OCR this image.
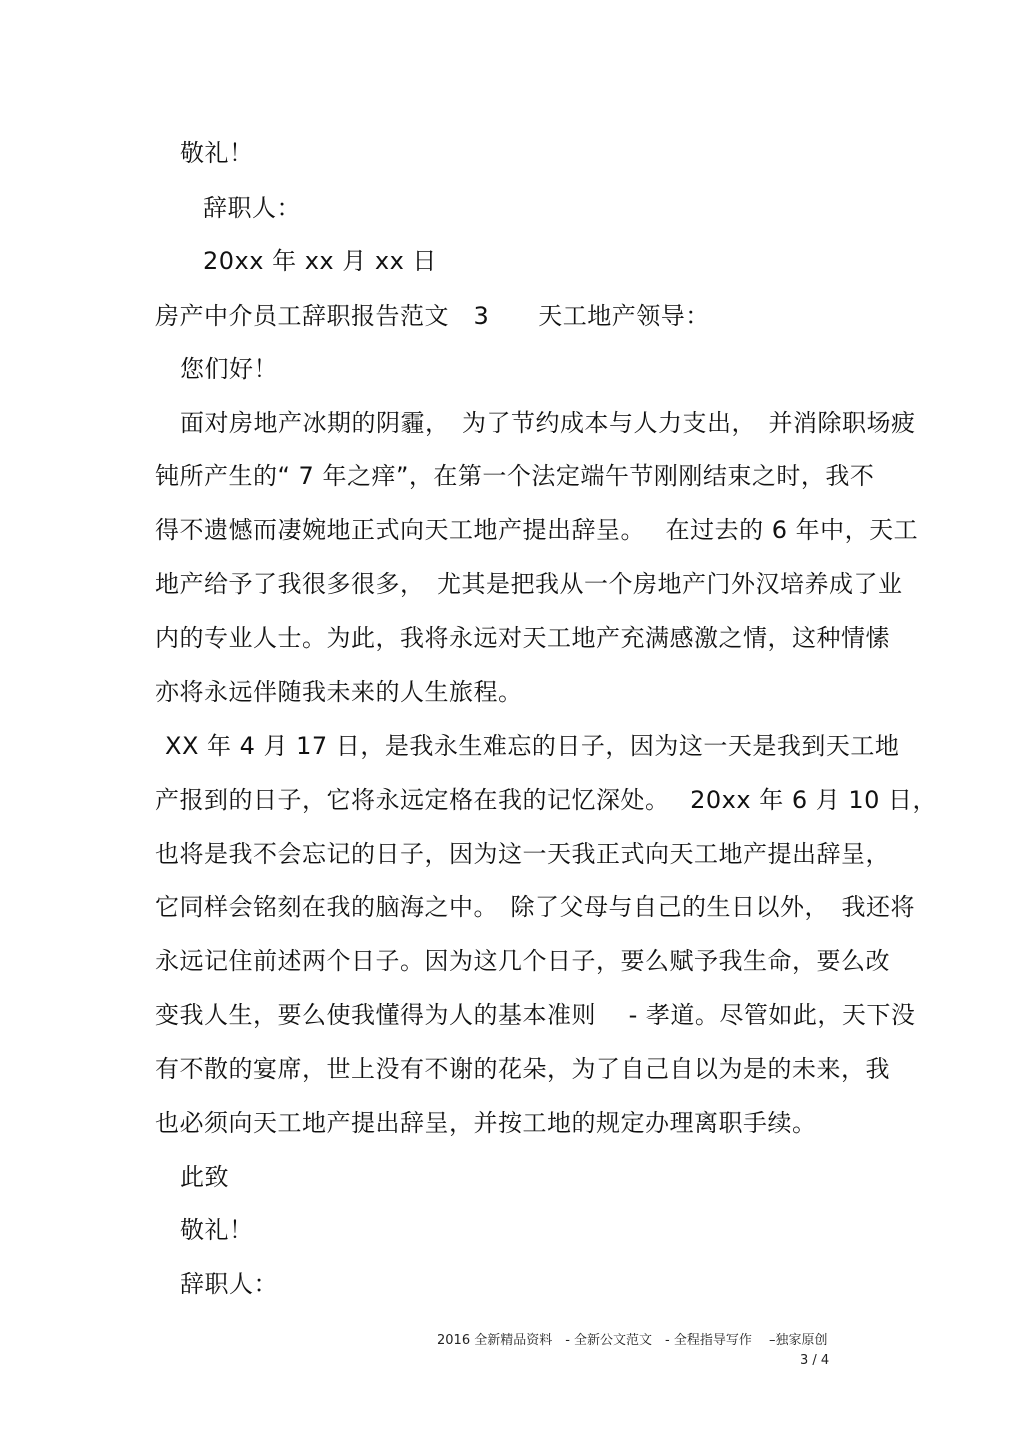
敬礼！
辞职人：
20xx 年 xx 月 xx 日
房产中介员工辞职报告范文　3　　天工地产领导：
您们好！
面对房地产冰期的阴霾，　为了节约成本与人力支出，　并消除职场疲
钝所产生的“ 7 年之痒”，在第一个法定端午节刚刚结束之时，我不
得不遗憾而凄婉地正式向天工地产提出辞呈。　 在过去的 6 年中，天工
地产给予了我很多很多，　尤其是把我从一个房地产门外汉培养成了业
内的专业人士。为此，我将永远对天工地产充满感激之情，这种情愫
亦将永远伴随我未来的人生旅程。
XX 年 4 月 17 日，是我永生难忘的日子，因为这一天是我到天工地
产报到的日子，它将永远定格在我的记忆深处。　 20xx 年 6 月 10 日，
也将是我不会忘记的日子，因为这一天我正式向天工地产提出辞呈，
它同样会铭刻在我的脑海之中。　除了父母与自己的生日以外，　我还将
永远记住前述两个日子。因为这几个日子，要么赋予我生命，要么改
变我人生，要么使我懂得为人的基本准则　 - 孝道。尽管如此，天下没
有不散的宴席，世上没有不谢的花朵，为了自己自以为是的未来，我
也必须向天工地产提出辞呈，并按工地的规定办理离职手续。
此致
敬礼！
辞职人：
2016 全新精品资料　- 全新公文范文　- 全程指导写作　 –独家原创
3 / 4
